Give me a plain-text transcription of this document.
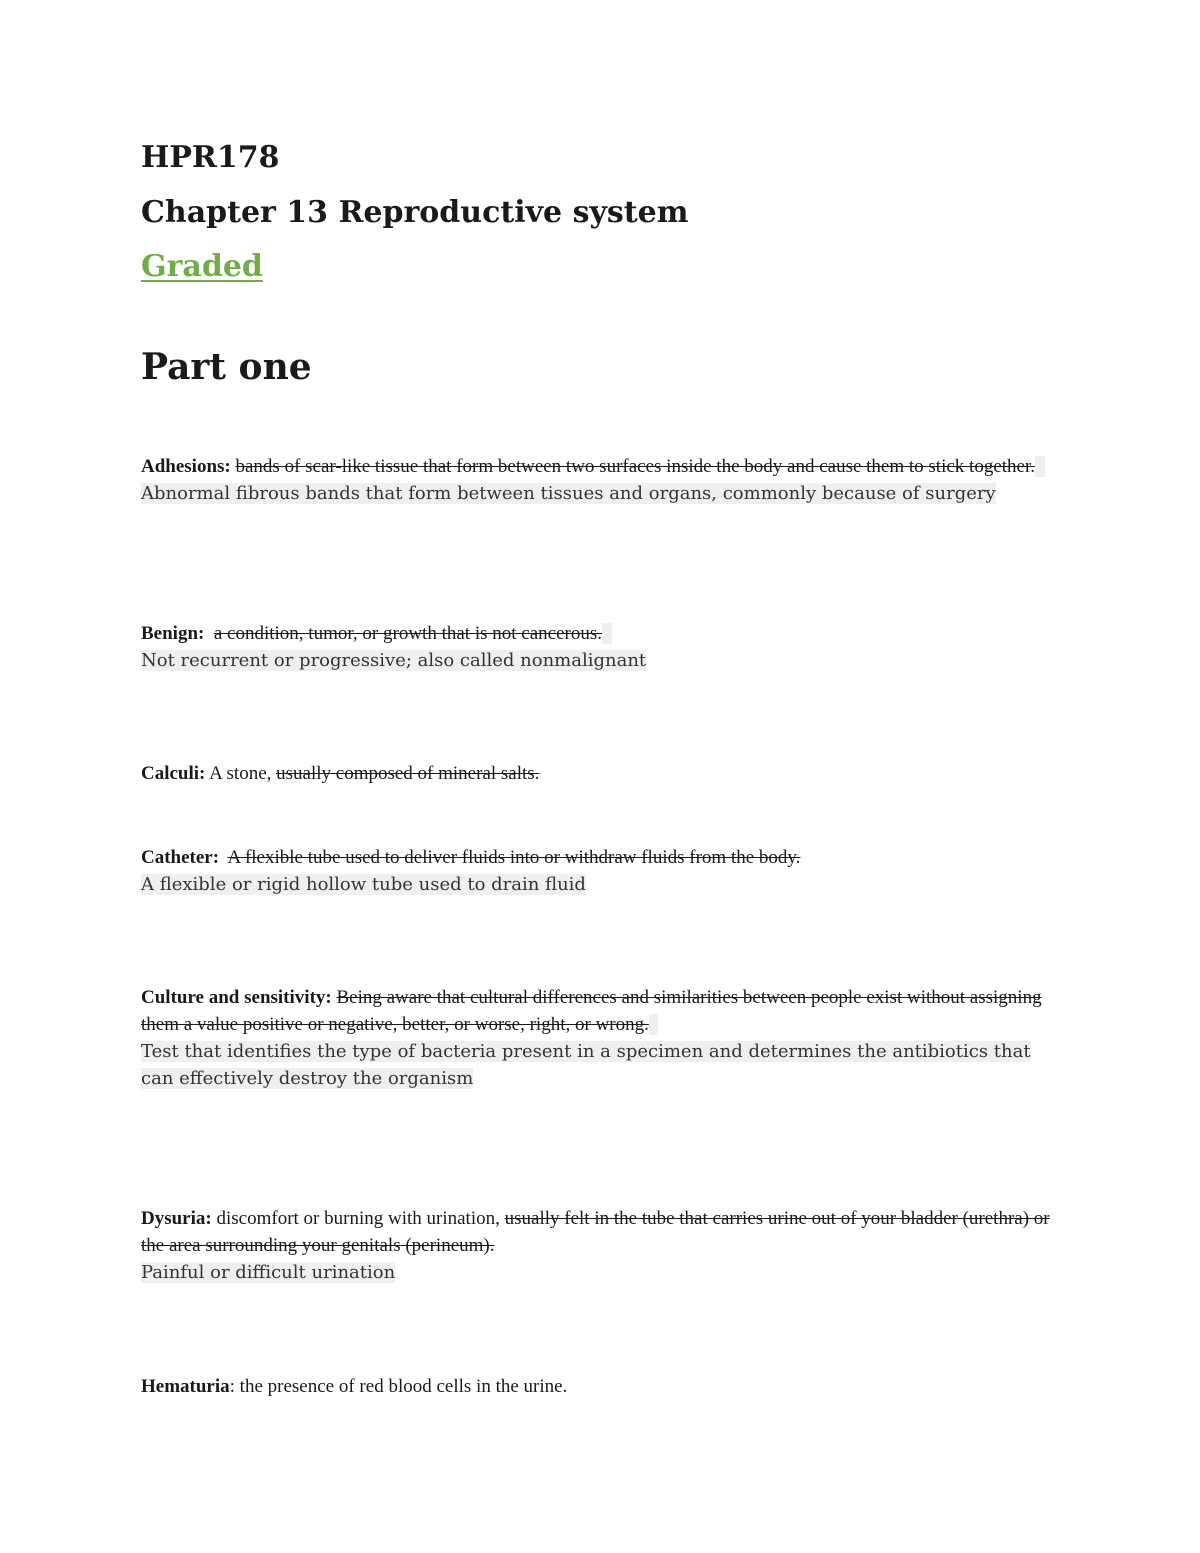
HPR178
Chapter 13 Reproductive system
Graded
Part one
Adhesions: bands of scar-like tissue that form between two surfaces inside the body and cause them to stick together.
Abnormal fibrous bands that form between tissues and organs, commonly because of surgery
Benign: a condition, tumor, or growth that is not cancerous.
Not recurrent or progressive; also called nonmalignant
Calculi: A stone, usually composed of mineral salts.
Catheter: A flexible tube used to deliver fluids into or withdraw fluids from the body.
A flexible or rigid hollow tube used to drain fluid
Culture and sensitivity: Being aware that cultural differences and similarities between people exist without assigning them a value positive or negative, better, or worse, right, or wrong.
Test that identifies the type of bacteria present in a specimen and determines the antibiotics that can effectively destroy the organism
Dysuria: discomfort or burning with urination, usually felt in the tube that carries urine out of your bladder (urethra) or the area surrounding your genitals (perineum).
Painful or difficult urination
Hematuria: the presence of red blood cells in the urine.
